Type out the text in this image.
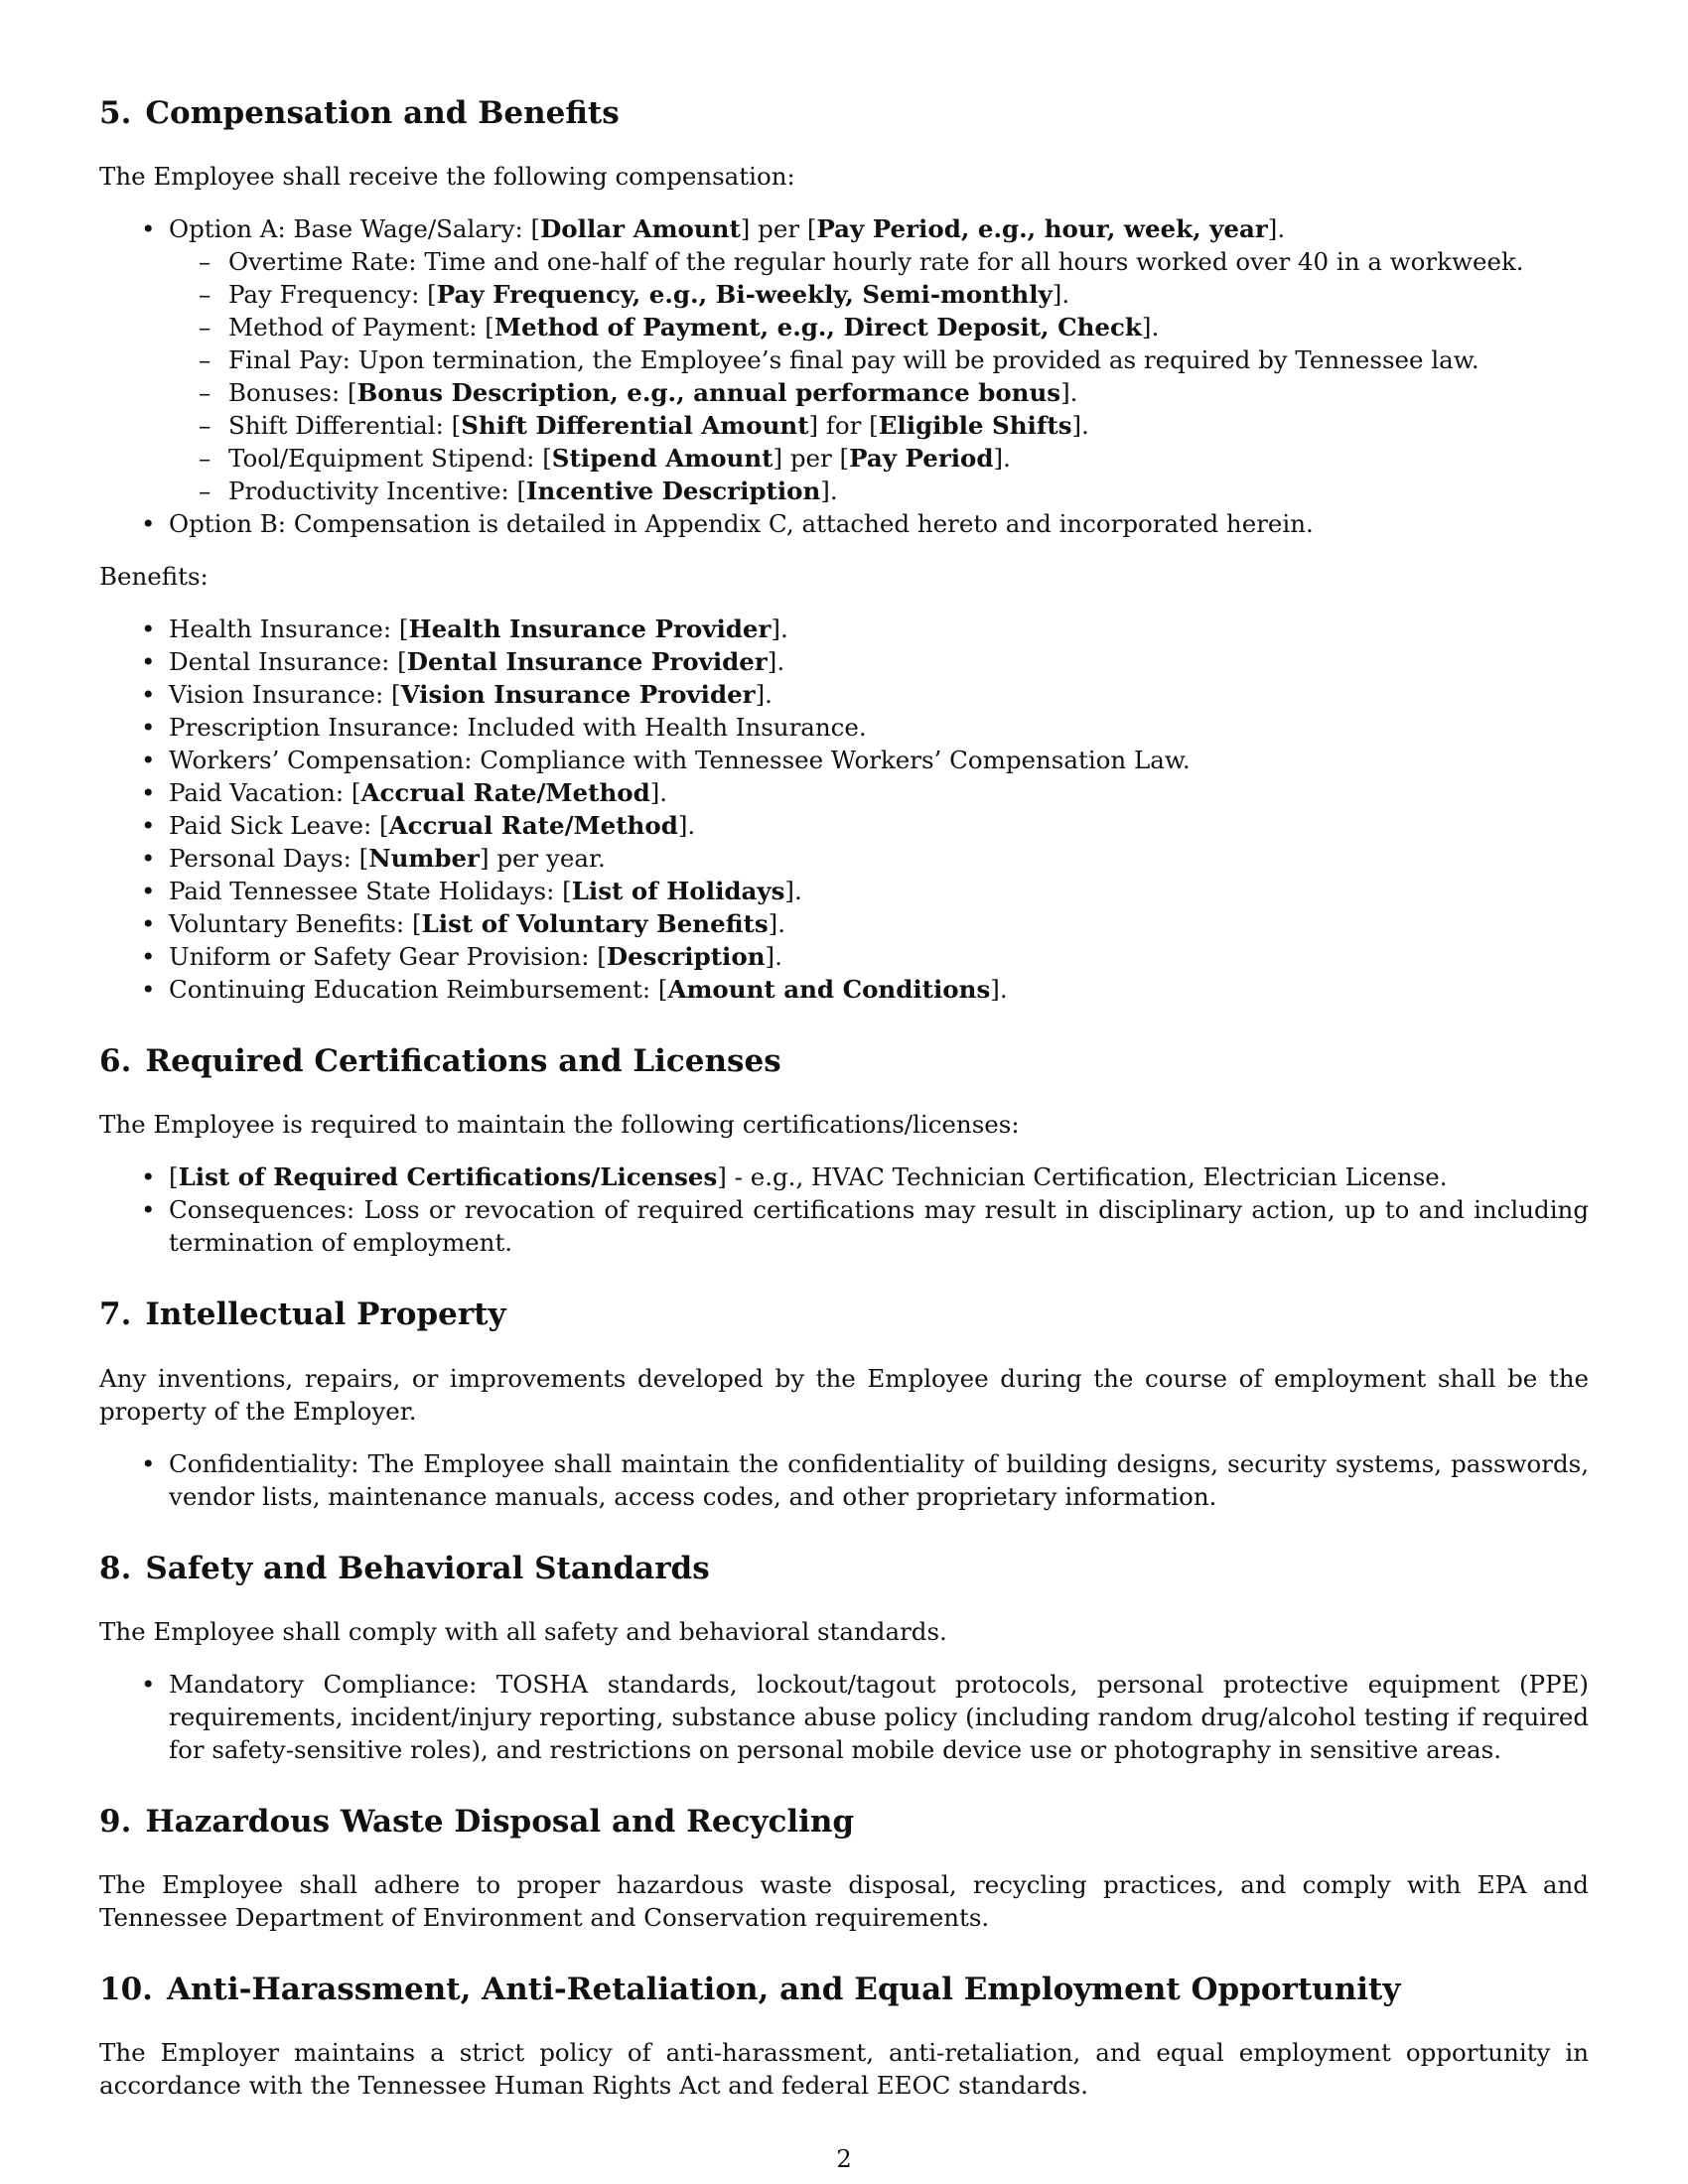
5. Compensation and Benefits

The Employee shall receive the following compensation:

• Option A: Base Wage/Salary: [Dollar Amount] per [Pay Period, e.g., hour, week, year].
– Overtime Rate: Time and one-half of the regular hourly rate for all hours worked over 40 in a workweek.
– Pay Frequency: [Pay Frequency, e.g., Bi-weekly, Semi-monthly].
– Method of Payment: [Method of Payment, e.g., Direct Deposit, Check].
– Final Pay: Upon termination, the Employee’s final pay will be provided as required by Tennessee law.
– Bonuses: [Bonus Description, e.g., annual performance bonus].
– Shift Differential: [Shift Differential Amount] for [Eligible Shifts].
– Tool/Equipment Stipend: [Stipend Amount] per [Pay Period].
– Productivity Incentive: [Incentive Description].
• Option B: Compensation is detailed in Appendix C, attached hereto and incorporated herein.

Benefits:

• Health Insurance: [Health Insurance Provider].
• Dental Insurance: [Dental Insurance Provider].
• Vision Insurance: [Vision Insurance Provider].
• Prescription Insurance: Included with Health Insurance.
• Workers’ Compensation: Compliance with Tennessee Workers’ Compensation Law.
• Paid Vacation: [Accrual Rate/Method].
• Paid Sick Leave: [Accrual Rate/Method].
• Personal Days: [Number] per year.
• Paid Tennessee State Holidays: [List of Holidays].
• Voluntary Benefits: [List of Voluntary Benefits].
• Uniform or Safety Gear Provision: [Description].
• Continuing Education Reimbursement: [Amount and Conditions].
6. Required Certifications and Licenses

The Employee is required to maintain the following certifications/licenses:

• [List of Required Certifications/Licenses] - e.g., HVAC Technician Certification, Electrician License.
• Consequences: Loss or revocation of required certifications may result in disciplinary action, up to and including termination of employment.
7. Intellectual Property

Any inventions, repairs, or improvements developed by the Employee during the course of employment shall be the property of the Employer.

• Confidentiality: The Employee shall maintain the confidentiality of building designs, security systems, passwords, vendor lists, maintenance manuals, access codes, and other proprietary information.
8. Safety and Behavioral Standards

The Employee shall comply with all safety and behavioral standards.

• Mandatory Compliance: TOSHA standards, lockout/tagout protocols, personal protective equipment (PPE) requirements, incident/injury reporting, substance abuse policy (including random drug/alcohol testing if required for safety-sensitive roles), and restrictions on personal mobile device use or photography in sensitive areas.
9. Hazardous Waste Disposal and Recycling

The Employee shall adhere to proper hazardous waste disposal, recycling practices, and comply with EPA and Tennessee Department of Environment and Conservation requirements.

10. Anti-Harassment, Anti-Retaliation, and Equal Employment Opportunity

The Employer maintains a strict policy of anti-harassment, anti-retaliation, and equal employment opportunity in accordance with the Tennessee Human Rights Act and federal EEOC standards.

2
